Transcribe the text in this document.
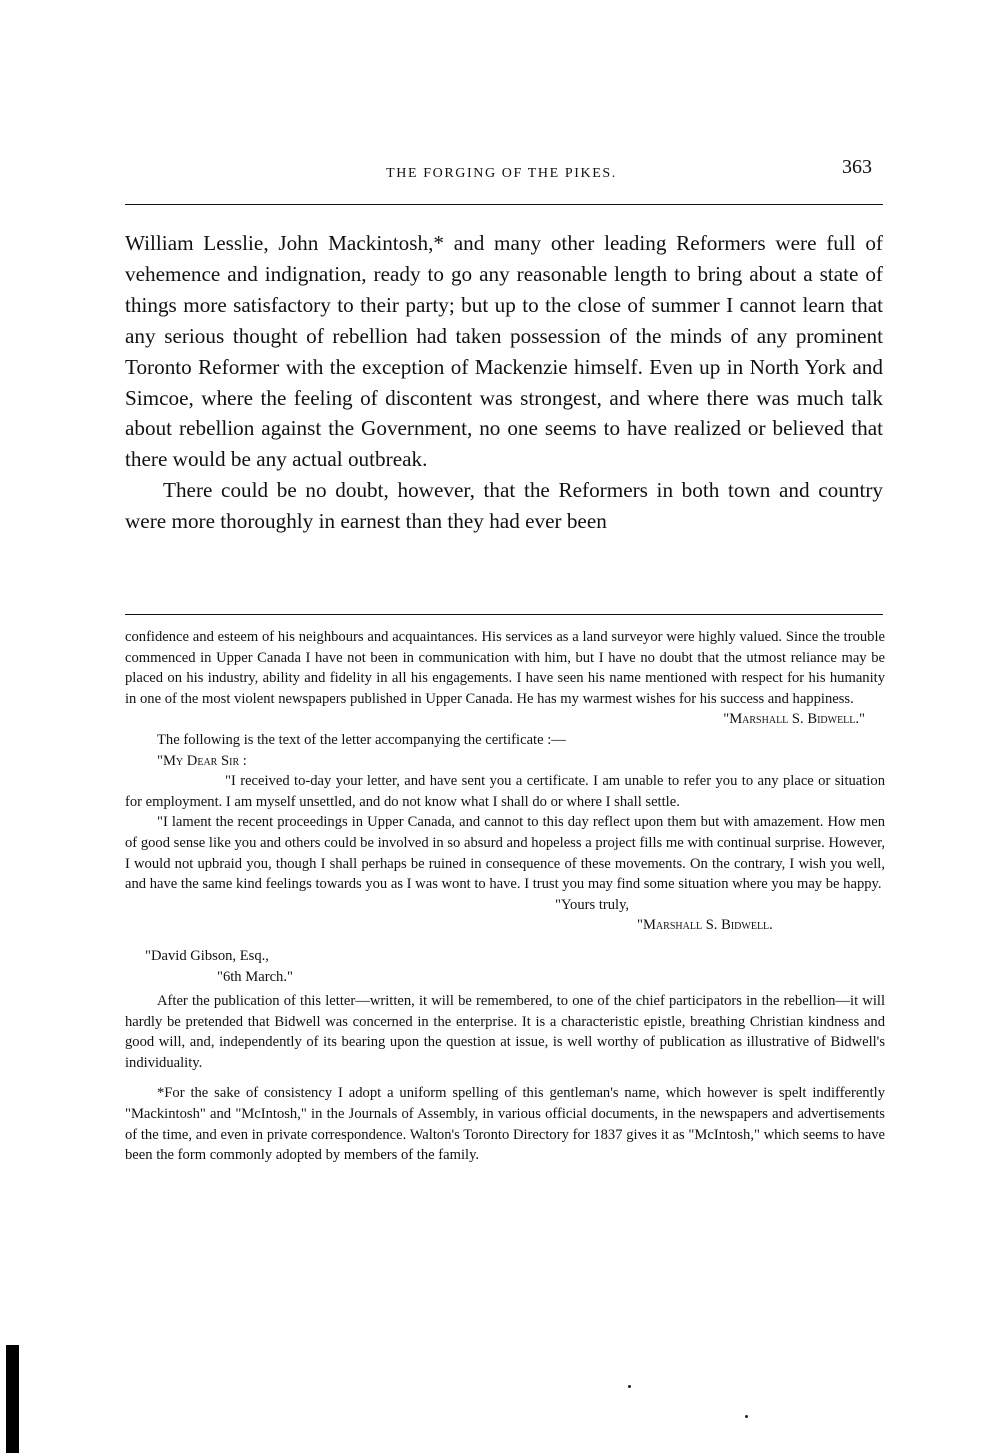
THE FORGING OF THE PIKES.	363

William Lesslie, John Mackintosh,* and many other leading Reformers were full of vehemence and indignation, ready to go any reasonable length to bring about a state of things more satisfactory to their party; but up to the close of summer I cannot learn that any serious thought of rebellion had taken possession of the minds of any prominent Toronto Reformer with the exception of Mackenzie himself. Even up in North York and Simcoe, where the feeling of discontent was strongest, and where there was much talk about rebellion against the Government, no one seems to have realized or believed that there would be any actual outbreak.

There could be no doubt, however, that the Reformers in both town and country were more thoroughly in earnest than they had ever been

confidence and esteem of his neighbours and acquaintances. His services as a land surveyor were highly valued. Since the trouble commenced in Upper Canada I have not been in communication with him, but I have no doubt that the utmost reliance may be placed on his industry, ability and fidelity in all his engagements. I have seen his name mentioned with respect for his humanity in one of the most violent newspapers published in Upper Canada. He has my warmest wishes for his success and happiness.

"Marshall S. Bidwell."

The following is the text of the letter accompanying the certificate :—

"My Dear Sir :

"I received to-day your letter, and have sent you a certificate. I am unable to refer you to any place or situation for employment. I am myself unsettled, and do not know what I shall do or where I shall settle.

"I lament the recent proceedings in Upper Canada, and cannot to this day reflect upon them but with amazement. How men of good sense like you and others could be involved in so absurd and hopeless a project fills me with continual surprise. However, I would not upbraid you, though I shall perhaps be ruined in consequence of these movements. On the contrary, I wish you well, and have the same kind feelings towards you as I was wont to have. I trust you may find some situation where you may be happy.

"Yours truly,

"Marshall S. Bidwell.

"David Gibson, Esq.,

"6th March."

After the publication of this letter—written, it will be remembered, to one of the chief participators in the rebellion—it will hardly be pretended that Bidwell was concerned in the enterprise. It is a characteristic epistle, breathing Christian kindness and good will, and, independently of its bearing upon the question at issue, is well worthy of publication as illustrative of Bidwell's individuality.

*For the sake of consistency I adopt a uniform spelling of this gentleman's name, which however is spelt indifferently "Mackintosh" and "McIntosh," in the Journals of Assembly, in various official documents, in the newspapers and advertisements of the time, and even in private correspondence. Walton's Toronto Directory for 1837 gives it as "McIntosh," which seems to have been the form commonly adopted by members of the family.
